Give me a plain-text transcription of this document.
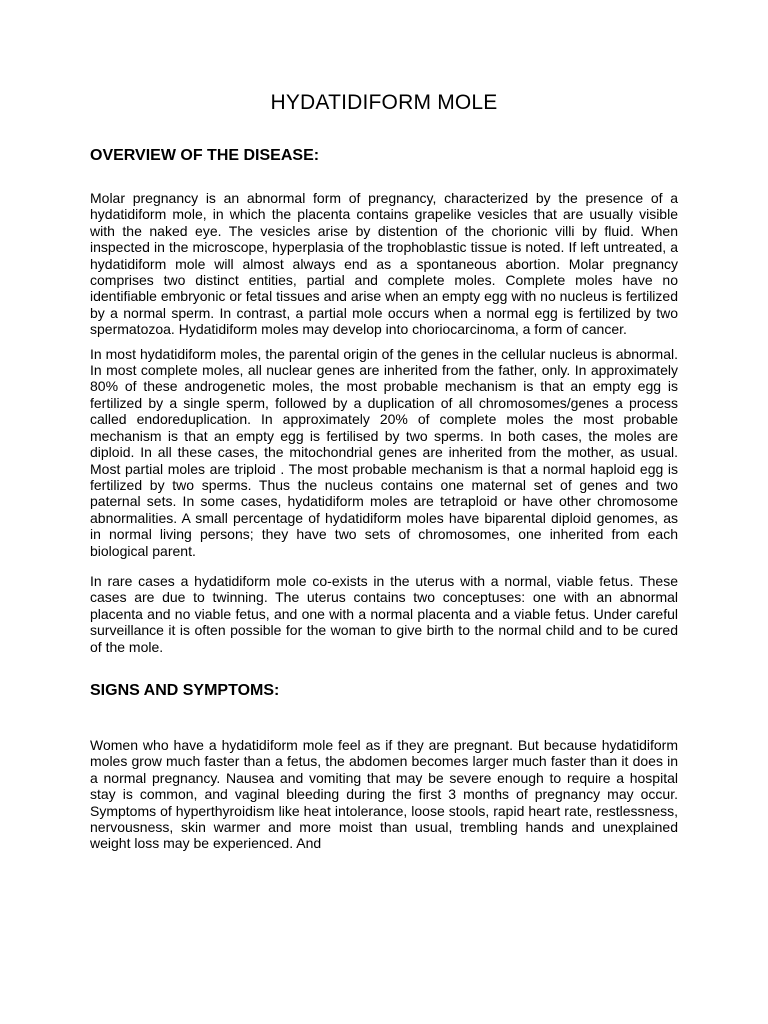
HYDATIDIFORM MOLE
OVERVIEW OF THE DISEASE:

Molar pregnancy is an abnormal form of pregnancy, characterized by the presence of a hydatidiform mole, in which the placenta contains grapelike vesicles that are usually visible with the naked eye. The vesicles arise by distention of the chorionic villi by fluid. When inspected in the microscope, hyperplasia of the trophoblastic tissue is noted. If left untreated, a hydatidiform mole will almost always end as a spontaneous abortion. Molar pregnancy comprises two distinct entities, partial and complete moles. Complete moles have no identifiable embryonic or fetal tissues and arise when an empty egg with no nucleus is fertilized by a normal sperm. In contrast, a partial mole occurs when a normal egg is fertilized by two spermatozoa. Hydatidiform moles may develop into choriocarcinoma, a form of cancer.

In most hydatidiform moles, the parental origin of the genes in the cellular nucleus is abnormal. In most complete moles, all nuclear genes are inherited from the father, only. In approximately 80% of these androgenetic moles, the most probable mechanism is that an empty egg is fertilized by a single sperm, followed by a duplication of all chromosomes/genes a process called endoreduplication. In approximately 20% of complete moles the most probable mechanism is that an empty egg is fertilised by two sperms. In both cases, the moles are diploid. In all these cases, the mitochondrial genes are inherited from the mother, as usual. Most partial moles are triploid . The most probable mechanism is that a normal haploid egg is fertilized by two sperms. Thus the nucleus contains one maternal set of genes and two paternal sets. In some cases, hydatidiform moles are tetraploid or have other chromosome abnormalities. A small percentage of hydatidiform moles have biparental diploid genomes, as in normal living persons; they have two sets of chromosomes, one inherited from each biological parent.

In rare cases a hydatidiform mole co-exists in the uterus with a normal, viable fetus. These cases are due to twinning. The uterus contains two conceptuses: one with an abnormal placenta and no viable fetus, and one with a normal placenta and a viable fetus. Under careful surveillance it is often possible for the woman to give birth to the normal child and to be cured of the mole.

SIGNS AND SYMPTOMS:

Women who have a hydatidiform mole feel as if they are pregnant. But because hydatidiform moles grow much faster than a fetus, the abdomen becomes larger much faster than it does in a normal pregnancy. Nausea and vomiting that may be severe enough to require a hospital stay is common, and vaginal bleeding during the first 3 months of pregnancy may occur. Symptoms of hyperthyroidism like heat intolerance, loose stools, rapid heart rate, restlessness, nervousness, skin warmer and more moist than usual, trembling hands and unexplained weight loss may be experienced. And
